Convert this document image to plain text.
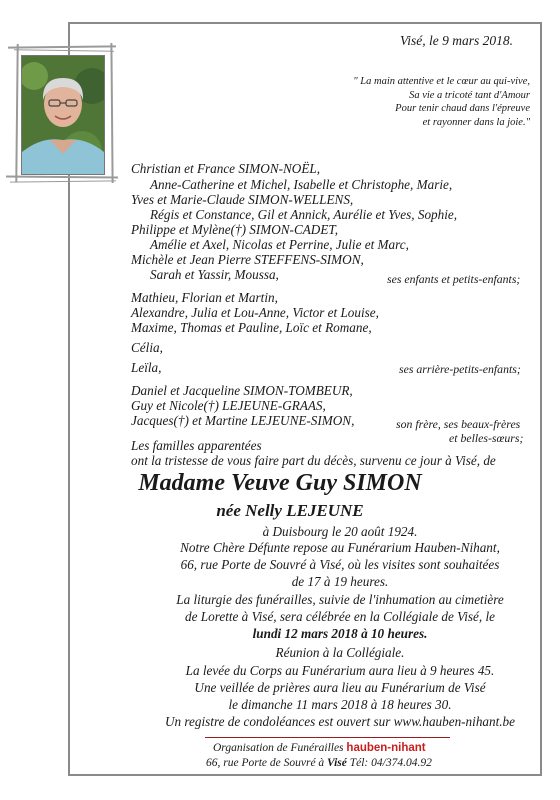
Visé, le 9 mars 2018.
" La main attentive et le cœur au qui-vive,
Sa vie a tricoté tant d'Amour
Pour tenir chaud dans l'épreuve
et rayonner dans la joie."
Christian et France SIMON-NOËL,
Anne-Catherine et Michel, Isabelle et Christophe, Marie,
Yves et Marie-Claude SIMON-WELLENS,
Régis et Constance, Gil et Annick, Aurélie et Yves, Sophie,
Philippe et Mylène(†) SIMON-CADET,
Amélie et Axel, Nicolas et Perrine, Julie et Marc,
Michèle et Jean Pierre STEFFENS-SIMON,
Sarah et Yassir, Moussa,	ses enfants et petits-enfants;
Mathieu, Florian et Martin,
Alexandre, Julia et Lou-Anne, Victor et Louise,
Maxime, Thomas et Pauline, Loïc et Romane,
Célia,
Leïla,	ses arrière-petits-enfants;
Daniel et Jacqueline SIMON-TOMBEUR,
Guy et Nicole(†) LEJEUNE-GRAAS,
Jacques(†) et Martine LEJEUNE-SIMON,	son frère, ses beaux-frères
et belles-sœurs;
Les familles apparentées
ont la tristesse de vous faire part du décès, survenu ce jour à Visé, de
Madame Veuve Guy SIMON
née Nelly LEJEUNE
à Duisbourg le 20 août 1924.
Notre Chère Défunte repose au Funérarium Hauben-Nihant,
66, rue Porte de Souvré à Visé, où les visites sont souhaitées
de 17 à 19 heures.
La liturgie des funérailles, suivie de l'inhumation au cimetière
de Lorette à Visé, sera célébrée en la Collégiale de Visé, le
lundi 12 mars 2018 à 10 heures.
Réunion à la Collégiale.
La levée du Corps au Funérarium aura lieu à 9 heures 45.
Une veillée de prières aura lieu au Funérarium de Visé
le dimanche 11 mars 2018 à 18 heures 30.
Un registre de condoléances est ouvert sur www.hauben-nihant.be
Organisation de Funérailles hauben-nihant
66, rue Porte de Souvré à Visé Tél: 04/374.04.92
